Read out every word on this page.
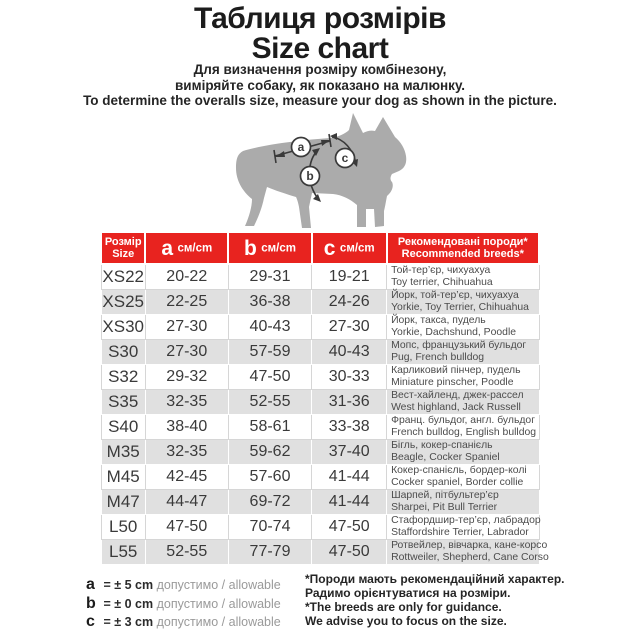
Таблиця розмірів
Size chart
Для визначення розміру комбінезону,
виміряйте собаку, як показано на малюнку.
To determine the overalls size, measure your dog as shown in the picture.
a
b
c
Розмір
Size	a см/cm	b см/cm	c см/cm	
Рекомендовані породи*
Recommended breeds*

XS22	20-22	29-31	19-21	Той-тер’єр, чихуахуа
Toy terrier, Chihuahua

XS25	22-25	36-38	24-26	Йорк, той-тер’єр, чихуахуа
Yorkie, Toy Terrier, Chihuahua

XS30	27-30	40-43	27-30	Йорк, такса, пудель
Yorkie, Dachshund, Poodle

S30	27-30	57-59	40-43	Мопс, французький бульдог
Pug, French bulldog

S32	29-32	47-50	30-33	Карликовий пінчер, пудель
Miniature pinscher, Poodle

S35	32-35	52-55	31-36	Вест-хайленд, джек-рассел
West highland, Jack Russell

S40	38-40	58-61	33-38	Франц. бульдог, англ. бульдог
French bulldog, English bulldog

M35	32-35	59-62	37-40	Бігль, кокер-спанієль
Beagle, Cocker Spaniel

M45	42-45	57-60	41-44	Кокер-спанієль, бордер-колі
Cocker spaniel, Border collie

M47	44-47	69-72	41-44	Шарпей, пітбультер’єр
Sharpei, Pit Bull Terrier

L50	47-50	70-74	47-50	Стафордшир-тер’єр, лабрадор
Staffordshire Terrier, Labrador

L55	52-55	77-79	47-50	Ротвейлер, вівчарка, кане-корсо
Rottweiler, Shepherd, Cane Corso
a = ± 5 cm допустимо / allowable
b = ± 0 cm допустимо / allowable
c = ± 3 cm допустимо / allowable
*Породи мають рекомендаційний характер.
Радимо орієнтуватися на розміри.
*The breeds are only for guidance.
We advise you to focus on the size.
